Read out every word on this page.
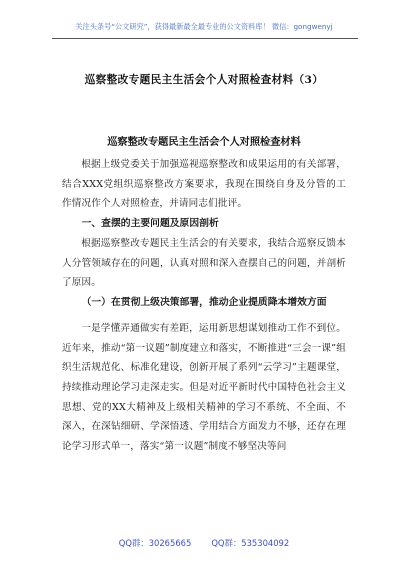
关注头条号“公文研究”，获得最新最全最专业的公文资料库！ 微信：gongwenyj
巡察整改专题民主生活会个人对照检查材料（3）
巡察整改专题民主生活会个人对照检查材料

根据上级党委关于加强巡视巡察整改和成果运用的有关部署，结合XXX党组织巡察整改方案要求，我现在围绕自身及分管的工作情况作个人对照检查，并请同志们批评。

一、查摆的主要问题及原因剖析

根据巡察整改专题民主生活会的有关要求，我结合巡察反馈本人分管领域存在的问题，认真对照和深入查摆自己的问题，并剖析了原因。

（一）在贯彻上级决策部署，推动企业提质降本增效方面

一是学懂弄通做实有差距，运用新思想谋划推动工作不到位。近年来，推动“第一议题”制度建立和落实，不断推进“三会一课”组织生活规范化、标准化建设，创新开展了系列“云学习”主题课堂，持续推动理论学习走深走实。但是对近平新时代中国特色社会主义思想、党的XX大精神及上级相关精神的学习不系统、不全面、不深入，在深钻细研、学深悟透、学用结合方面发力不够，还存在理论学习形式单一，落实“第一议题”制度不够坚决等问

QQ群：30265665 QQ群：535304092
